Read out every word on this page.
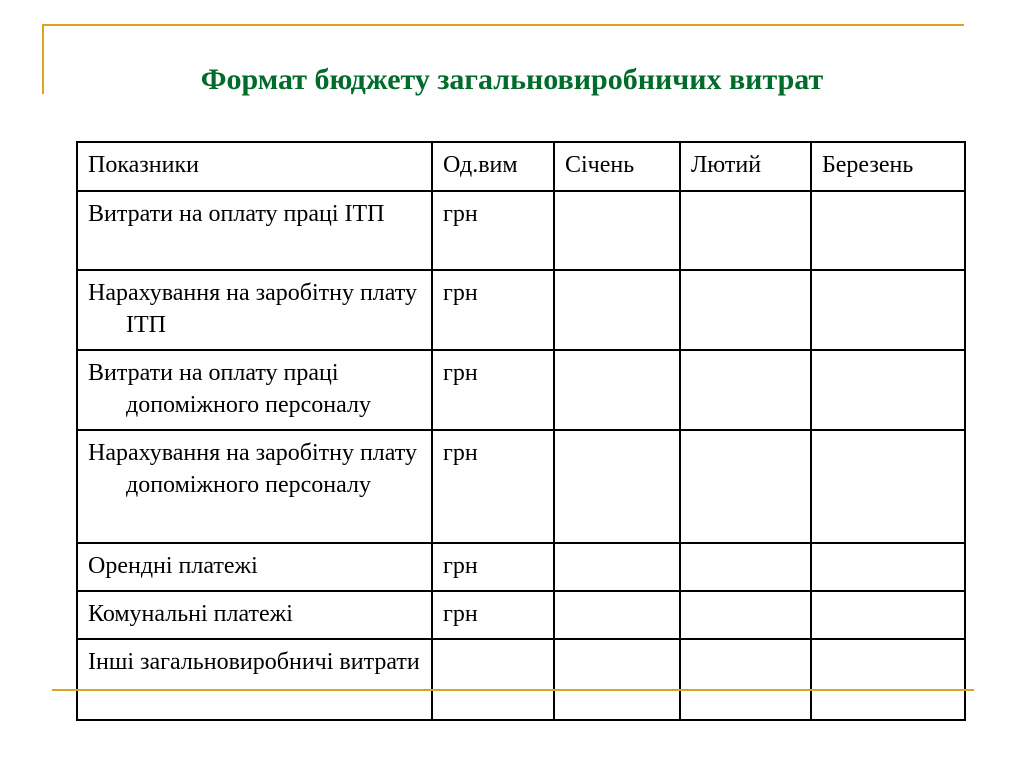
Формат бюджету загальновиробничих витрат
Показники	Од.вим	Січень	Лютий	Березень
Витрати на оплату праці ІТП	грн			
Нарахування на заробітну плату ІТП	грн			
Витрати на оплату праці допоміжного персоналу	грн			
Нарахування на заробітну плату допоміжного персоналу	грн			
Орендні платежі	грн			
Комунальні платежі	грн			
Інші загальновиробничі витрати				
